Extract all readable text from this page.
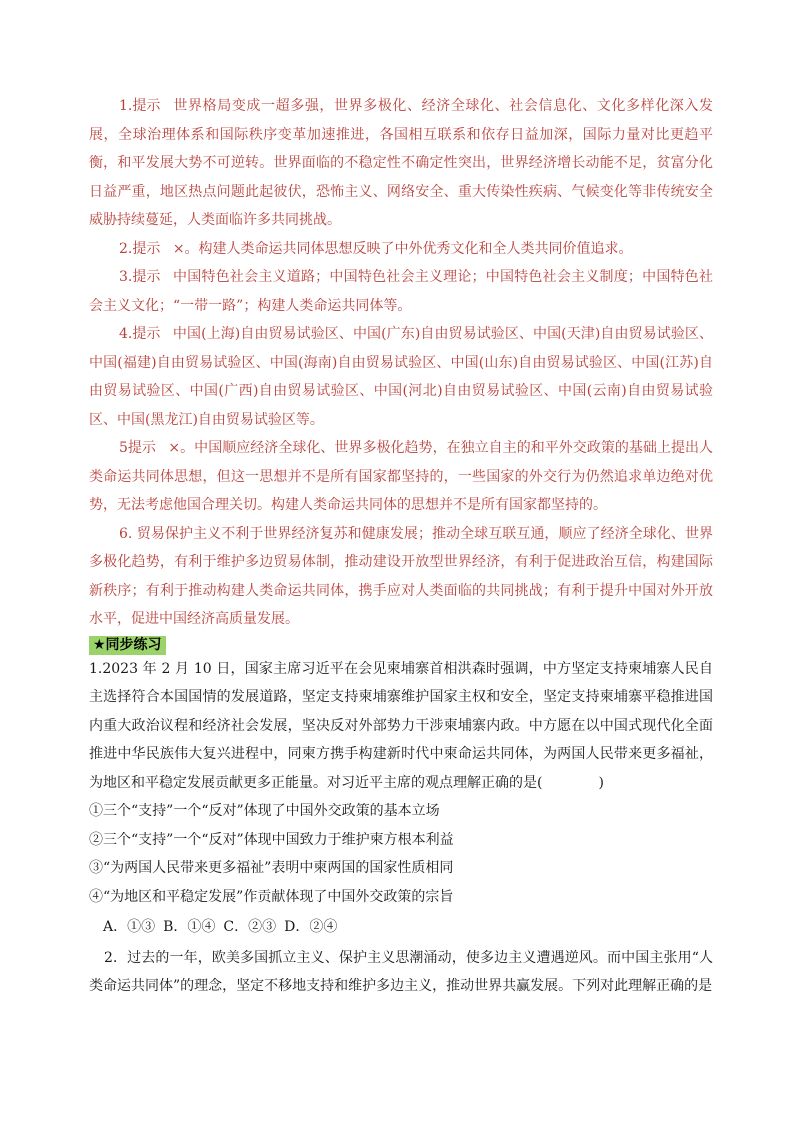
1.提示 世界格局变成一超多强，世界多极化、经济全球化、社会信息化、文化多样化深入发展，全球治理体系和国际秩序变革加速推进，各国相互联系和依存日益加深，国际力量对比更趋平衡，和平发展大势不可逆转。世界面临的不稳定性不确定性突出，世界经济增长动能不足，贫富分化日益严重，地区热点问题此起彼伏，恐怖主义、网络安全、重大传染性疾病、气候变化等非传统安全威胁持续蔓延，人类面临许多共同挑战。

2.提示 ×。构建人类命运共同体思想反映了中外优秀文化和全人类共同价值追求。

3.提示 中国特色社会主义道路；中国特色社会主义理论；中国特色社会主义制度；中国特色社会主义文化；“一带一路”；构建人类命运共同体等。

4.提示 中国(上海)自由贸易试验区、中国(广东)自由贸易试验区、中国(天津)自由贸易试验区、中国(福建)自由贸易试验区、中国(海南)自由贸易试验区、中国(山东)自由贸易试验区、中国(江苏)自由贸易试验区、中国(广西)自由贸易试验区、中国(河北)自由贸易试验区、中国(云南)自由贸易试验区、中国(黑龙江)自由贸易试验区等。

5提示 ×。中国顺应经济全球化、世界多极化趋势，在独立自主的和平外交政策的基础上提出人类命运共同体思想，但这一思想并不是所有国家都坚持的，一些国家的外交行为仍然追求单边绝对优势，无法考虑他国合理关切。构建人类命运共同体的思想并不是所有国家都坚持的。

6. 贸易保护主义不利于世界经济复苏和健康发展；推动全球互联互通，顺应了经济全球化、世界多极化趋势，有利于维护多边贸易体制，推动建设开放型世界经济，有利于促进政治互信，构建国际新秩序；有利于推动构建人类命运共同体，携手应对人类面临的共同挑战；有利于提升中国对外开放水平，促进中国经济高质量发展。

★同步练习

1.2023 年 2 月 10 日，国家主席习近平在会见柬埔寨首相洪森时强调，中方坚定支持柬埔寨人民自主选择符合本国国情的发展道路，坚定支持柬埔寨维护国家主权和安全，坚定支持柬埔寨平稳推进国内重大政治议程和经济社会发展，坚决反对外部势力干涉柬埔寨内政。中方愿在以中国式现代化全面推进中华民族伟大复兴进程中，同柬方携手构建新时代中柬命运共同体，为两国人民带来更多福祉，为地区和平稳定发展贡献更多正能量。对习近平主席的观点理解正确的是(	)

①三个“支持”一个“反对”体现了中国外交政策的基本立场

②三个“支持”一个“反对”体现中国致力于维护柬方根本利益

③“为两国人民带来更多福祉”表明中柬两国的国家性质相同

④“为地区和平稳定发展”作贡献体现了中国外交政策的宗旨

A．①③ B．①④ C．②③ D．②④

2．过去的一年，欧美多国抓立主义、保护主义思潮涌动，使多边主义遭遇逆风。而中国主张用“人类命运共同体”的理念，坚定不移地支持和维护多边主义，推动世界共赢发展。下列对此理解正确的是
